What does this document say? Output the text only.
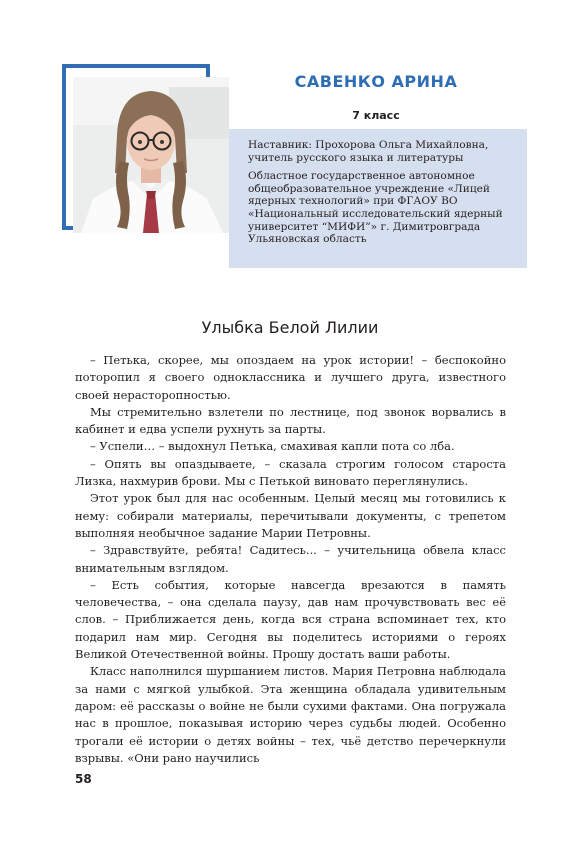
САВЕНКО АРИНА
7 класс

Наставник: Прохорова Ольга Михайловна,
учитель русского языка и литературы

Областное государственное автономное
общеобразовательное учреждение «Лицей
ядерных технологий» при ФГАОУ ВО
«Национальный исследовательский ядерный
университет “МИФИ”» г. Димитровграда
Ульяновская область

Улыбка Белой Лилии

– Петька, скорее, мы опоздаем на урок истории! – беспокойно поторопил я своего одноклассника и лучшего друга, известного своей нерасторопностью.

Мы стремительно взлетели по лестнице, под звонок ворвались в кабинет и едва успели рухнуть за парты.

– Успели… – выдохнул Петька, смахивая капли пота со лба.

– Опять вы опаздываете, – сказала строгим голосом староста Лизка, нахмурив брови. Мы с Петькой виновато переглянулись.

Этот урок был для нас особенным. Целый месяц мы готовились к нему: собирали материалы, перечитывали документы, с трепетом выполняя необычное задание Марии Петровны.

– Здравствуйте, ребята! Садитесь... – учительница обвела класс внимательным взглядом.

– Есть события, которые навсегда врезаются в память человечества, – она сделала паузу, дав нам прочувствовать вес её слов. – Приближается день, когда вся страна вспоминает тех, кто подарил нам мир. Сегодня вы поделитесь историями о героях Великой Отечественной войны. Прошу достать ваши работы.

Класс наполнился шуршанием листов. Мария Петровна наблюдала за нами с мягкой улыбкой. Эта женщина обладала удивительным даром: её рассказы о войне не были сухими фактами. Она погружала нас в прошлое, показывая историю через судьбы людей. Особенно трогали её истории о детях войны – тех, чьё детство перечеркнули взрывы. «Они рано научились

58
